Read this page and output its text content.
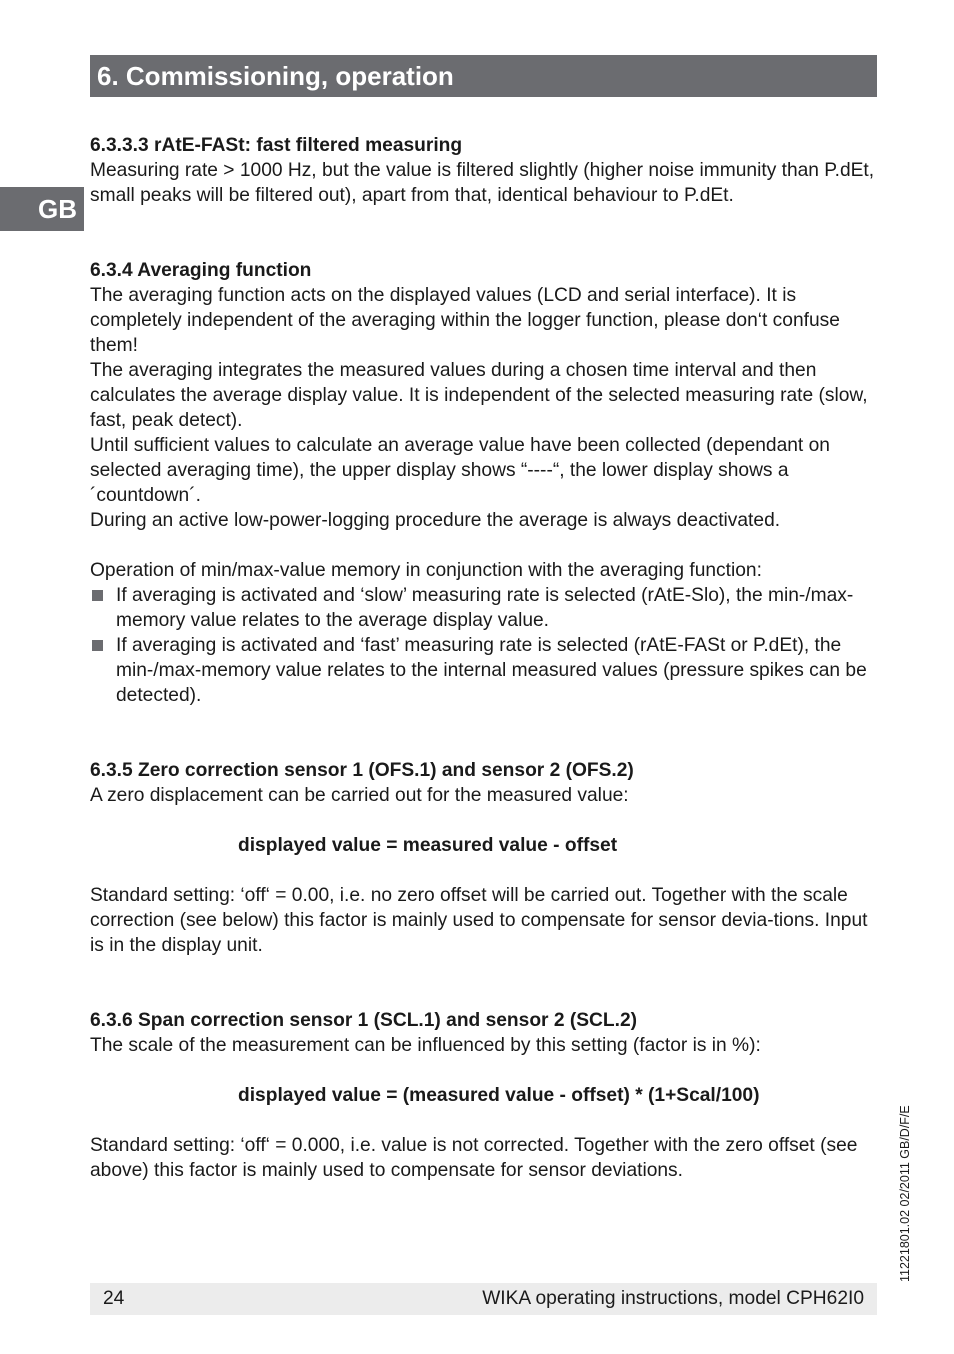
6. Commissioning, operation
GB
6.3.3.3 rAtE-FASt: fast filtered measuring

Measuring rate > 1000 Hz, but the value is filtered slightly (higher noise immunity than P.dEt, small peaks will be filtered out), apart from that, identical behaviour to P.dEt.

6.3.4 Averaging function

The averaging function acts on the displayed values (LCD and serial interface). It is completely independent of the averaging within the logger function, please don‘t confuse them!

The averaging integrates the measured values during a chosen time interval and then calculates the average display value. It is independent of the selected measuring rate (slow, fast, peak detect).

Until sufficient values to calculate an average value have been collected (dependant on selected averaging time), the upper display shows “----“, the lower display shows a ´countdown´.

During an active low-power-logging procedure the average is always deactivated.

Operation of min/max-value memory in conjunction with the averaging function:

If averaging is activated and ‘slow’ measuring rate is selected (rAtE-Slo), the min-/max-memory value relates to the average display value.
If averaging is activated and ‘fast’ measuring rate is selected (rAtE-FASt or P.dEt), the min-/max-memory value relates to the internal measured values (pressure spikes can be detected).
6.3.5 Zero correction sensor 1 (OFS.1) and sensor 2 (OFS.2)

A zero displacement can be carried out for the measured value:

displayed value = measured value - offset

Standard setting: ‘off‘ = 0.00, i.e. no zero offset will be carried out. Together with the scale correction (see below) this factor is mainly used to compensate for sensor devia-tions. Input is in the display unit.

6.3.6 Span correction sensor 1 (SCL.1) and sensor 2 (SCL.2)

The scale of the measurement can be influenced by this setting (factor is in %):

displayed value = (measured value - offset) * (1+Scal/100)

Standard setting: ‘off‘ = 0.000, i.e. value is not corrected. Together with the zero offset (see above) this factor is mainly used to compensate for sensor deviations.	11221801.02 02/2011 GB/D/F/E
24	WIKA operating instructions, model CPH62I0
